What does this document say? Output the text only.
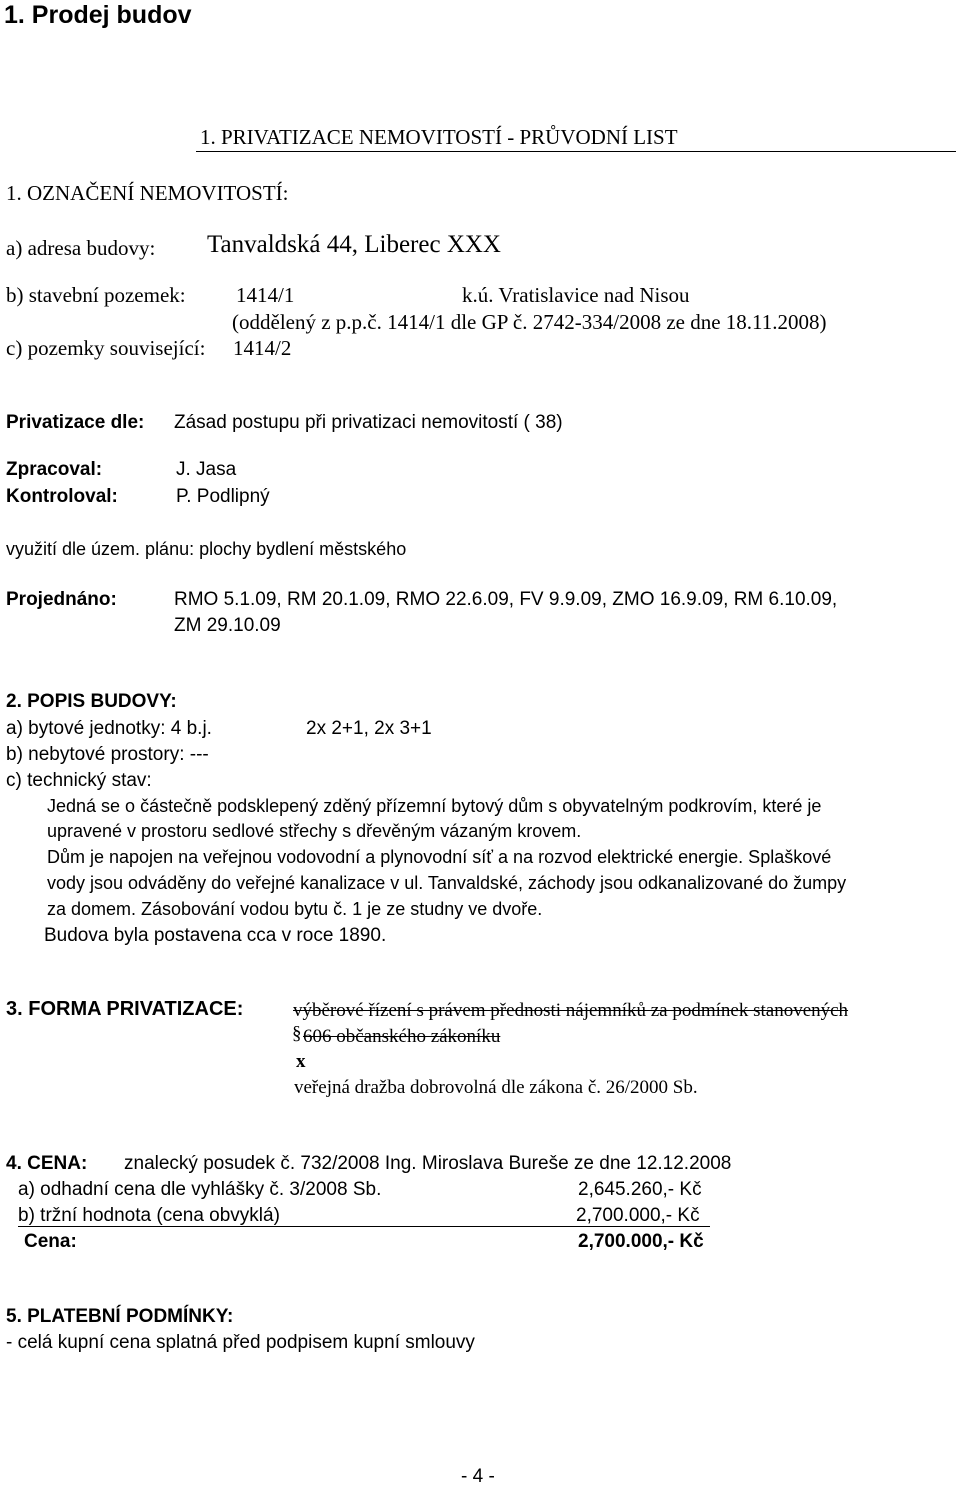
1. Prodej budov
1. PRIVATIZACE NEMOVITOSTÍ - PRŮVODNÍ LIST
1. OZNAČENÍ NEMOVITOSTÍ:
a) adresa budovy: Tanvaldská 44, Liberec XXX
b) stavební pozemek: 1414/1	k.ú. Vratislavice nad Nisou
(oddělený z p.p.č. 1414/1 dle GP č. 2742-334/2008 ze dne 18.11.2008)
c) pozemky související: 1414/2
Privatizace dle: Zásad postupu při privatizaci nemovitostí ( 38)
Zpracoval:	J. Jasa
Kontroloval:	P. Podlipný
využití dle územ. plánu: plochy bydlení městského
Projednáno:	RMO 5.1.09, RM 20.1.09, RMO 22.6.09, FV 9.9.09, ZMO 16.9.09, RM 6.10.09,
ZM 29.10.09
2. POPIS BUDOVY:
a) bytové jednotky: 4 b.j.	2x 2+1, 2x 3+1
b) nebytové prostory: ---
c) technický stav:
Jedná se o částečně podsklepený zděný přízemní bytový dům s obyvatelným podkrovím, které je
upravené v prostoru sedlové střechy s dřevěným vázaným krovem.
Dům je napojen na veřejnou vodovodní a plynovodní síť a na rozvod elektrické energie. Splaškové
vody jsou odváděny do veřejné kanalizace v ul. Tanvaldské, záchody jsou odkanalizované do žumpy
za domem. Zásobování vodou bytu č. 1 je ze studny ve dvoře.
Budova byla postavena cca v roce 1890.
3. FORMA PRIVATIZACE:	výběrové řízení s právem přednosti nájemníků za podmínek stanovených
§ 606 občanského zákoníku
x
veřejná dražba dobrovolná dle zákona č. 26/2000 Sb.
4. CENA: znalecký posudek č. 732/2008 Ing. Miroslava Bureše ze dne 12.12.2008
a) odhadní cena dle vyhlášky č. 3/2008 Sb.	2,645.260,- Kč
b) tržní hodnota (cena obvyklá)	2,700.000,- Kč
Cena:	2,700.000,- Kč
5. PLATEBNÍ PODMÍNKY:
- celá kupní cena splatná před podpisem kupní smlouvy
- 4 -
